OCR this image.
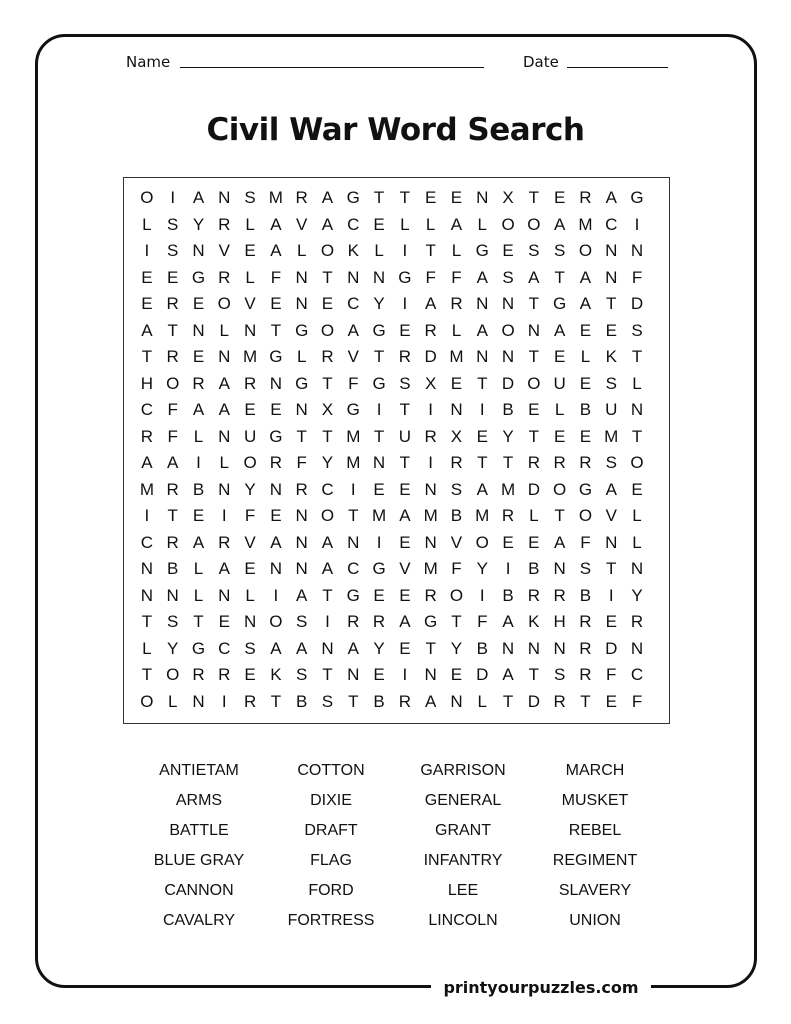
Name	Date
Civil War Word Search
O I	A N S M R A G T T E E N X T E R A G
L S Y R L A V A C E L L A L O O A M C	I
I	S N V E A L O K L	I	T L G E S S O N N
E E G R L F N T N N G F F A S A T A N F
E R E O V E N E C Y	I	A R N N T G A T D
A T N L N T G O A G E R L A O N A E E S
T R E N M G L R V T R D M N N T E L K T
H O R A R N G T F G S X E T D O U E S L
C F A A E E N X G I	T	I	N	I	B E L B U N
R F L N U G T T M T U R X E Y T E E M T
A A	I	L O R F Y M N T	I	R T T R R R S O
M R B N Y N R C	I	E E N S A M D O G A E
I	T E	I	F E N O T M A M B M R L T O V L
C R A R V A N A N	I	E N V O E E A F N L
N B L A E N N A C G V M F Y	I	B N S T N
N N L N L	I	A T G E E R O I	B R R B	I	Y
T S T E N O S	I	R R A G T F A K H R E R
L Y G C S A A N A Y E T Y B N N N R D N
T O R R E K S T N E	I	N E D A T S R F C
O L N	I	R T B S T B R A N L T D R T E F
ANTIETAM	COTTON	GARRISON	MARCH
ARMS	DIXIE	GENERAL	MUSKET
BATTLE	DRAFT	GRANT	REBEL
BLUE GRAY	FLAG	INFANTRY	REGIMENT
CANNON	FORD	LEE	SLAVERY
CAVALRY	FORTRESS	LINCOLN	UNION
printyourpuzzles.com
